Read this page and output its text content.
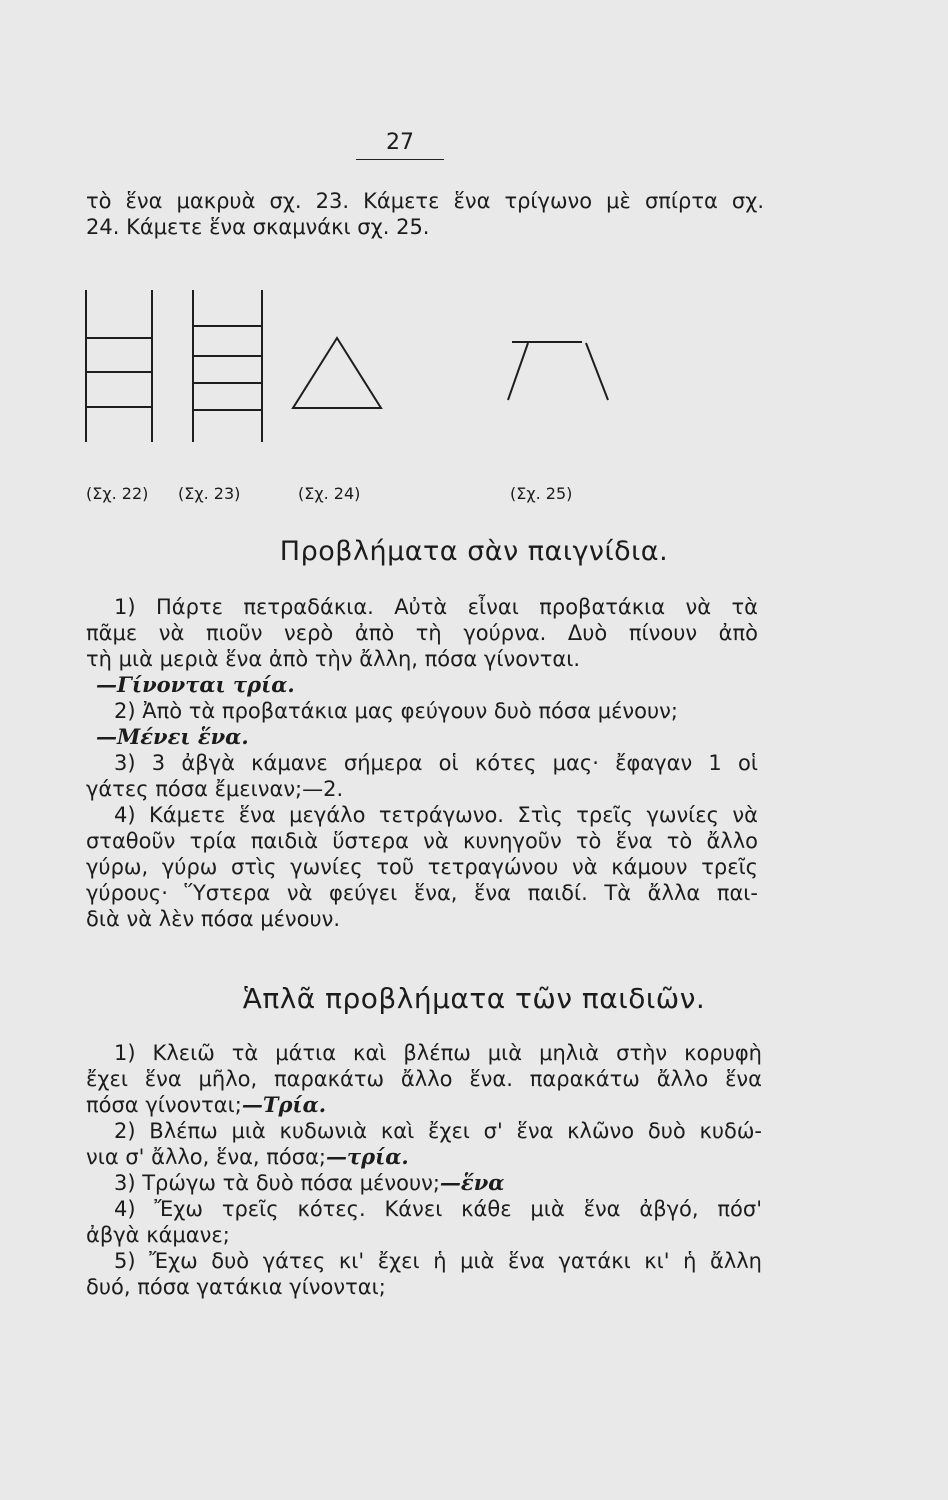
27
τὸ ἕνα μακρυὰ σχ. 23. Κάμετε ἕνα τρίγωνο μὲ σπίρτα σχ.
24. Κάμετε ἕνα σκαμνάκι σχ. 25.
(Σχ. 22) (Σχ. 23)	(Σχ. 24)	(Σχ. 25)
Προβλήματα σὰν παιγνίδια.
1) Πάρτε πετραδάκια. Αὐτὰ εἶναι προβατάκια νὰ τὰ
πᾶμε νὰ πιοῦν νερὸ ἀπὸ τὴ γούρνα. Δυὸ πίνουν ἀπὸ
τὴ μιὰ μεριὰ ἕνα ἀπὸ τὴν ἄλλη, πόσα γίνονται.
—Γίνονται τρία.
2) Ἀπὸ τὰ προβατάκια μας φεύγουν δυὸ πόσα μένουν;
—Μένει ἕνα.
3) 3 ἀβγὰ κάμανε σήμερα οἱ κότες μας· ἔφαγαν 1 οἱ
γάτες πόσα ἔμειναν;—2.
4) Κάμετε ἕνα μεγάλο τετράγωνο. Στὶς τρεῖς γωνίες νὰ
σταθοῦν τρία παιδιὰ ὕστερα νὰ κυνηγοῦν τὸ ἕνα τὸ ἄλλο
γύρω, γύρω στὶς γωνίες τοῦ τετραγώνου νὰ κάμουν τρεῖς
γύρους· Ὕστερα νὰ φεύγει ἕνα, ἕνα παιδί. Τὰ ἄλλα παι-
διὰ νὰ λὲν πόσα μένουν.
Ἁπλᾶ προβλήματα τῶν παιδιῶν.
1) Κλειῶ τὰ μάτια καὶ βλέπω μιὰ μηλιὰ στὴν κορυφὴ
ἔχει ἕνα μῆλο, παρακάτω ἄλλο ἕνα. παρακάτω ἄλλο ἕνα
πόσα γίνονται;—Τρία.
2) Βλέπω μιὰ κυδωνιὰ καὶ ἔχει σ' ἕνα κλῶνο δυὸ κυδώ-
νια σ' ἄλλο, ἕνα, πόσα;—τρία.
3) Τρώγω τὰ δυὸ πόσα μένουν;—ἕνα
4) Ἔχω τρεῖς κότες. Κάνει κάθε μιὰ ἕνα ἀβγό, πόσ'
ἀβγὰ κάμανε;
5) Ἔχω δυὸ γάτες κι' ἔχει ἡ μιὰ ἕνα γατάκι κι' ἡ ἄλλη
δυό, πόσα γατάκια γίνονται;
